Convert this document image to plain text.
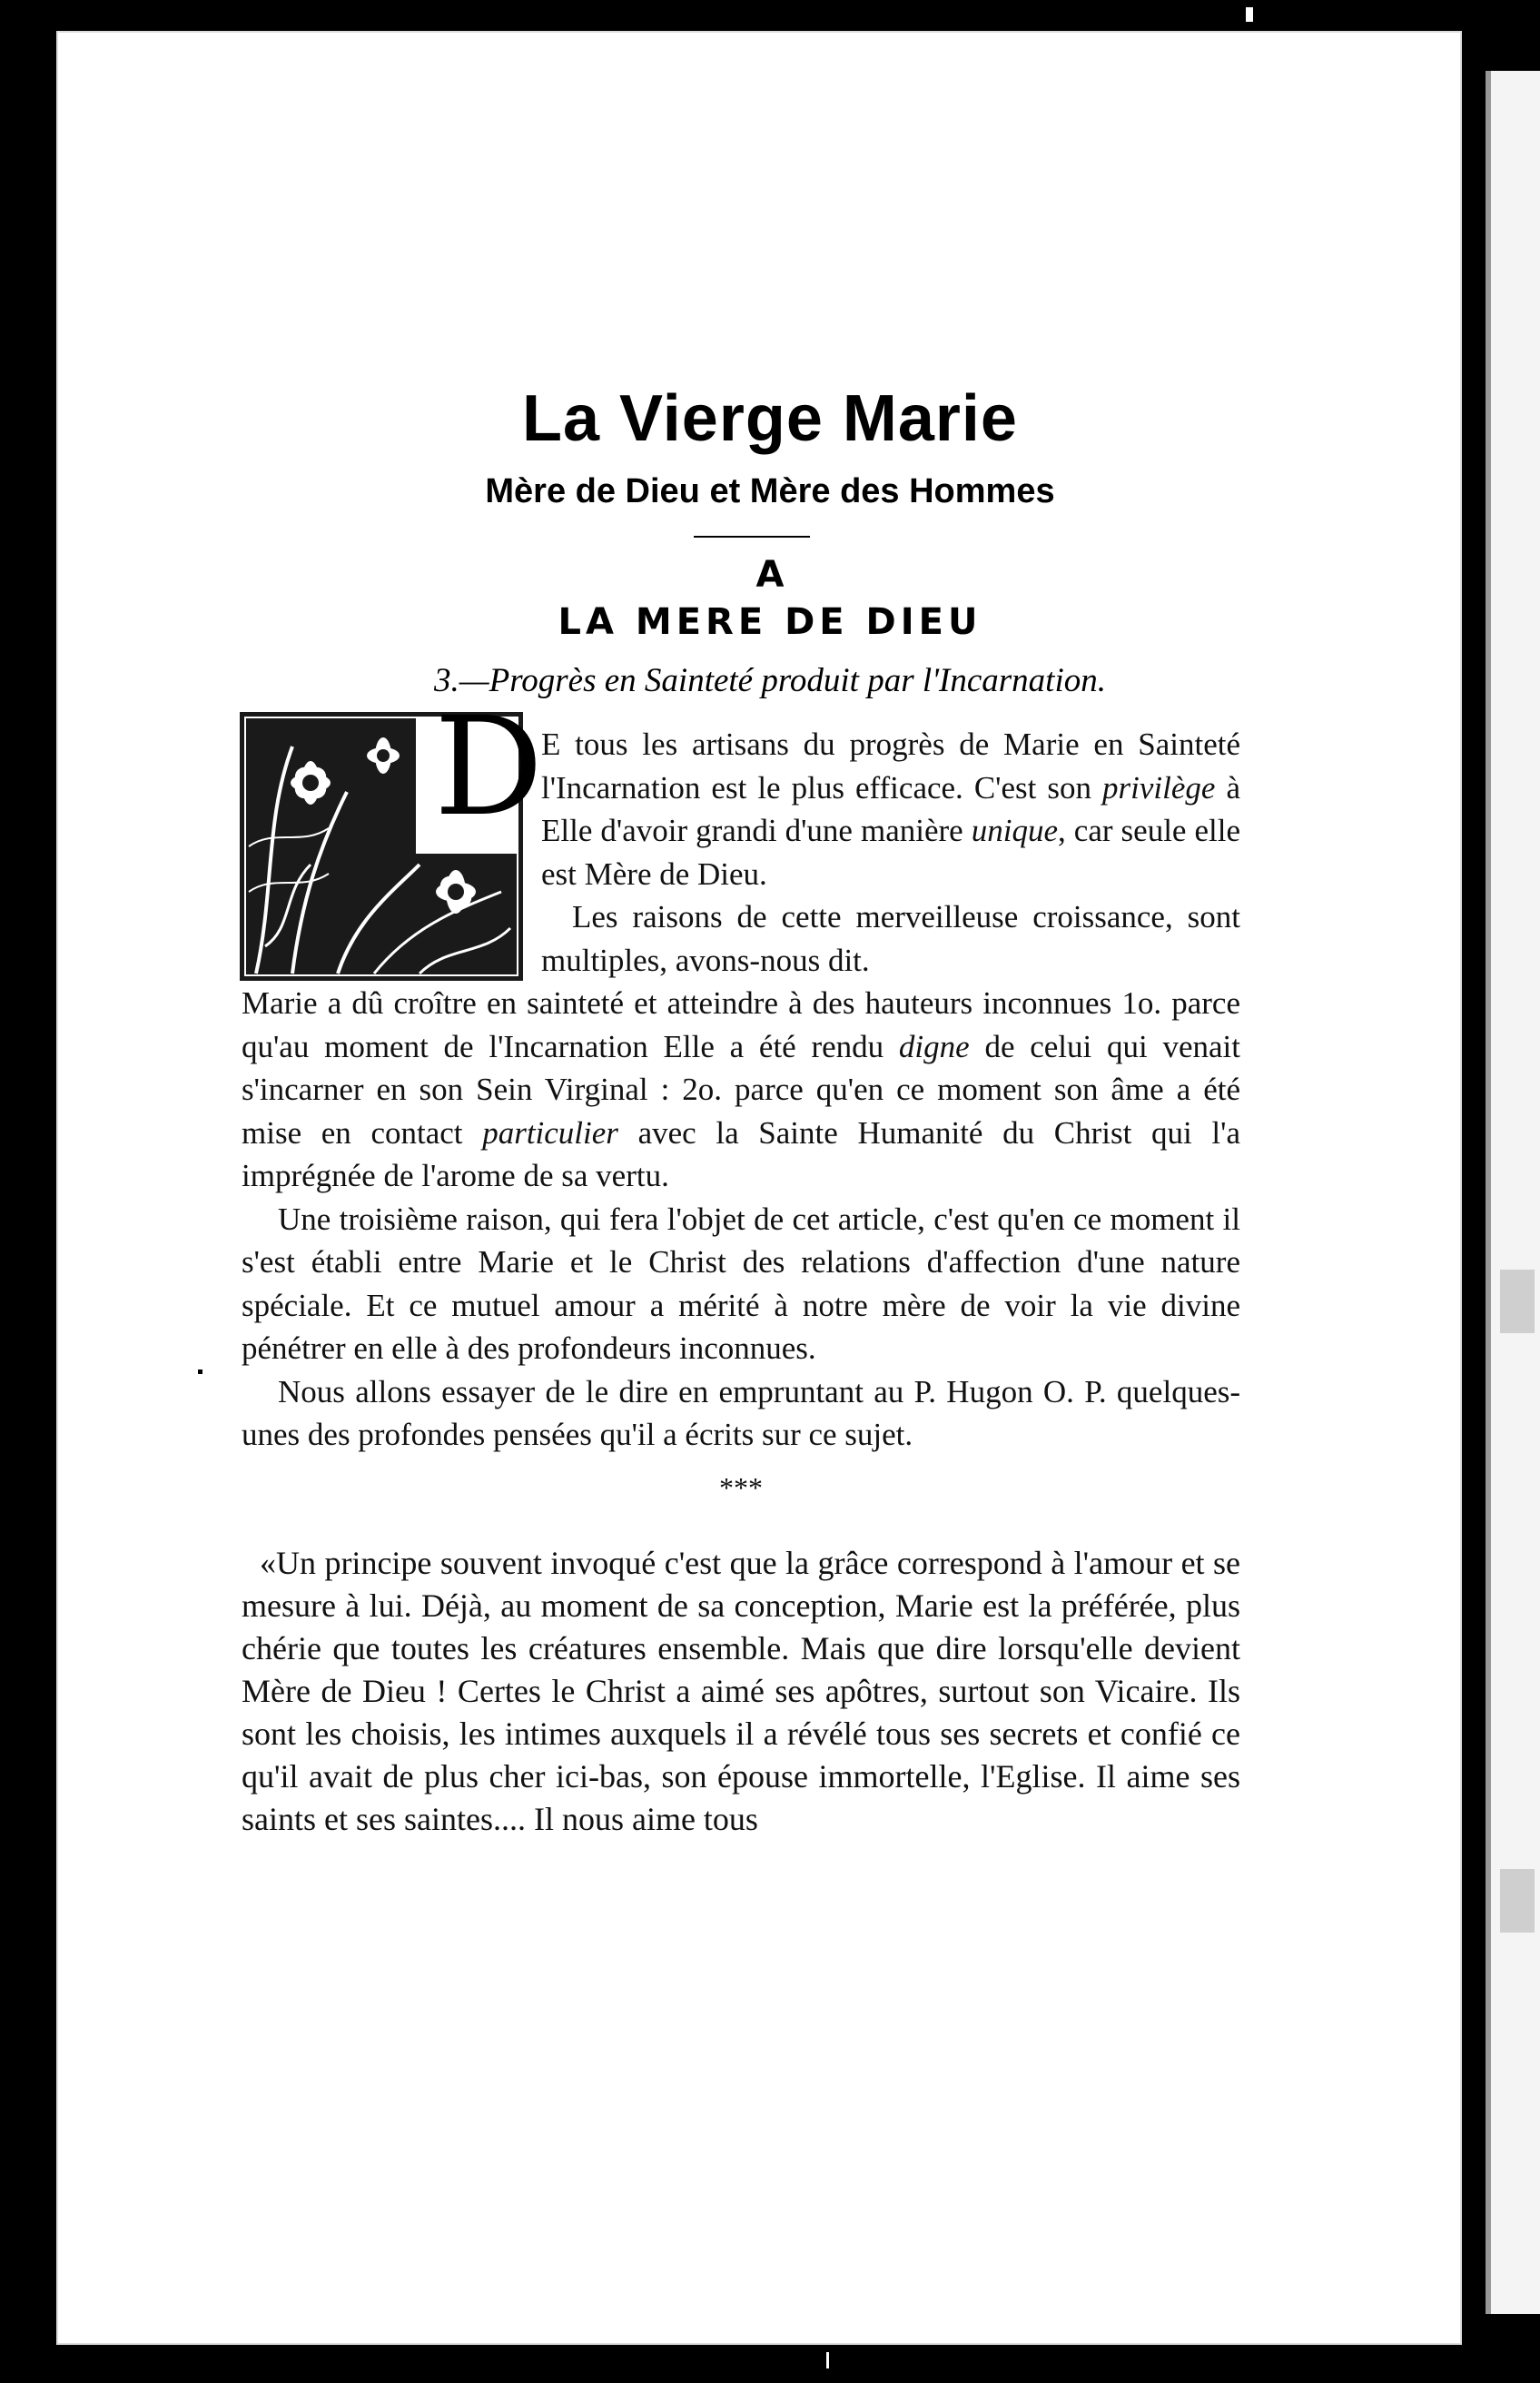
La Vierge Marie
Mère de Dieu et Mère des Hommes
A
LA MERE DE DIEU
3.—Progrès en Sainteté produit par l'Incarnation.
D

E tous les artisans du progrès de Marie en Sainteté l'Incarnation est le plus efficace. C'est son privilège à Elle d'avoir grandi d'une manière unique, car seule elle est Mère de Dieu.

Les raisons de cette merveilleuse croissance, sont multiples, avons-nous dit.
Marie a dû croître en sainteté et atteindre à des hauteurs inconnues 1o. parce qu'au moment de l'Incarnation Elle a été rendu digne de celui qui venait s'incarner en son Sein Virginal : 2o. parce qu'en ce moment son âme a été mise en contact particulier avec la Sainte Humanité du Christ qui l'a imprégnée de l'arome de sa vertu.

Une troisième raison, qui fera l'objet de cet article, c'est qu'en ce moment il s'est établi entre Marie et le Christ des relations d'affection d'une nature spéciale. Et ce mutuel amour a mérité à notre mère de voir la vie divine pénétrer en elle à des profondeurs inconnues.

Nous allons essayer de le dire en empruntant au P. Hugon O. P. quelques-unes des profondes pensées qu'il a écrits sur ce sujet.

***

«Un principe souvent invoqué c'est que la grâce correspond à l'amour et se mesure à lui. Déjà, au moment de sa conception, Marie est la préférée, plus chérie que toutes les créatures ensemble. Mais que dire lorsqu'elle devient Mère de Dieu ! Certes le Christ a aimé ses apôtres, surtout son Vicaire. Ils sont les choisis, les intimes auxquels il a révélé tous ses secrets et confié ce qu'il avait de plus cher ici-bas, son épouse immortelle, l'Eglise. Il aime ses saints et ses saintes.... Il nous aime tous
